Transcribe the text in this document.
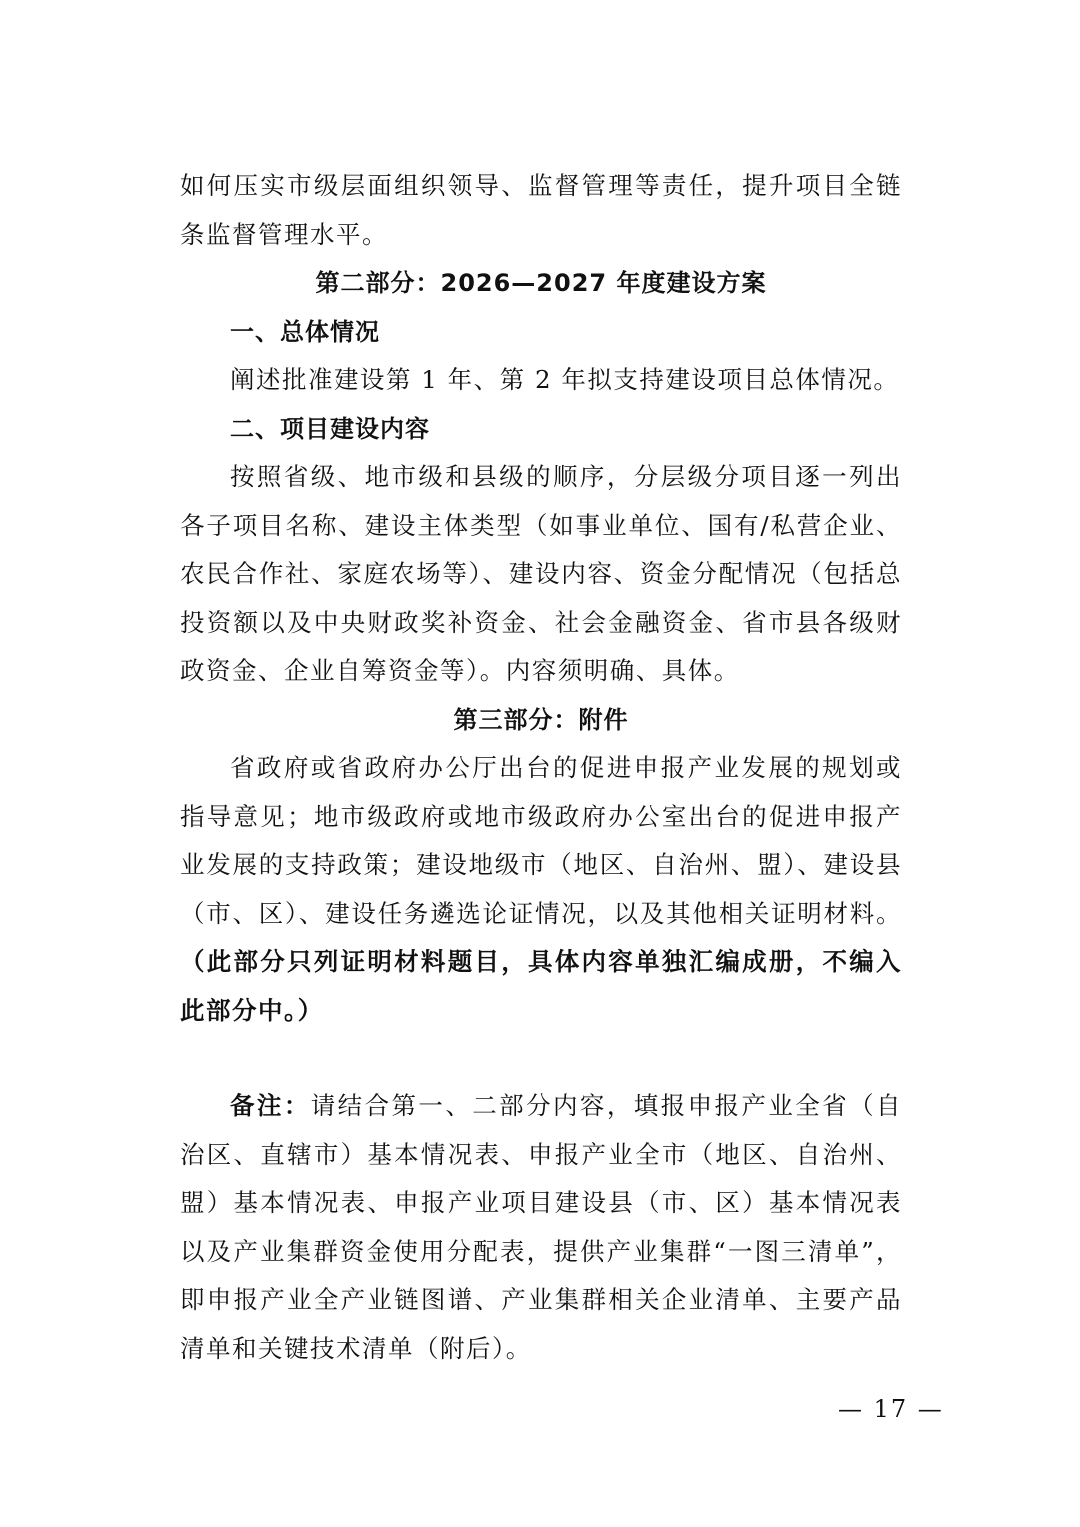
如何压实市级层面组织领导、监督管理等责任，提升项目全链条监督管理水平。

第二部分：2026—2027 年度建设方案
一、总体情况

阐述批准建设第 1 年、第 2 年拟支持建设项目总体情况。

二、项目建设内容

按照省级、地市级和县级的顺序，分层级分项目逐一列出各子项目名称、建设主体类型（如事业单位、国有/私营企业、农民合作社、家庭农场等）、建设内容、资金分配情况（包括总投资额以及中央财政奖补资金、社会金融资金、省市县各级财政资金、企业自筹资金等）。内容须明确、具体。

第三部分：附件

省政府或省政府办公厅出台的促进申报产业发展的规划或指导意见；地市级政府或地市级政府办公室出台的促进申报产业发展的支持政策；建设地级市（地区、自治州、盟）、建设县（市、区）、建设任务遴选论证情况，以及其他相关证明材料。（此部分只列证明材料题目，具体内容单独汇编成册，不编入此部分中。）

备注：请结合第一、二部分内容，填报申报产业全省（自治区、直辖市）基本情况表、申报产业全市（地区、自治州、盟）基本情况表、申报产业项目建设县（市、区）基本情况表以及产业集群资金使用分配表，提供产业集群“一图三清单”，即申报产业全产业链图谱、产业集群相关企业清单、主要产品清单和关键技术清单（附后）。

— 17 —
